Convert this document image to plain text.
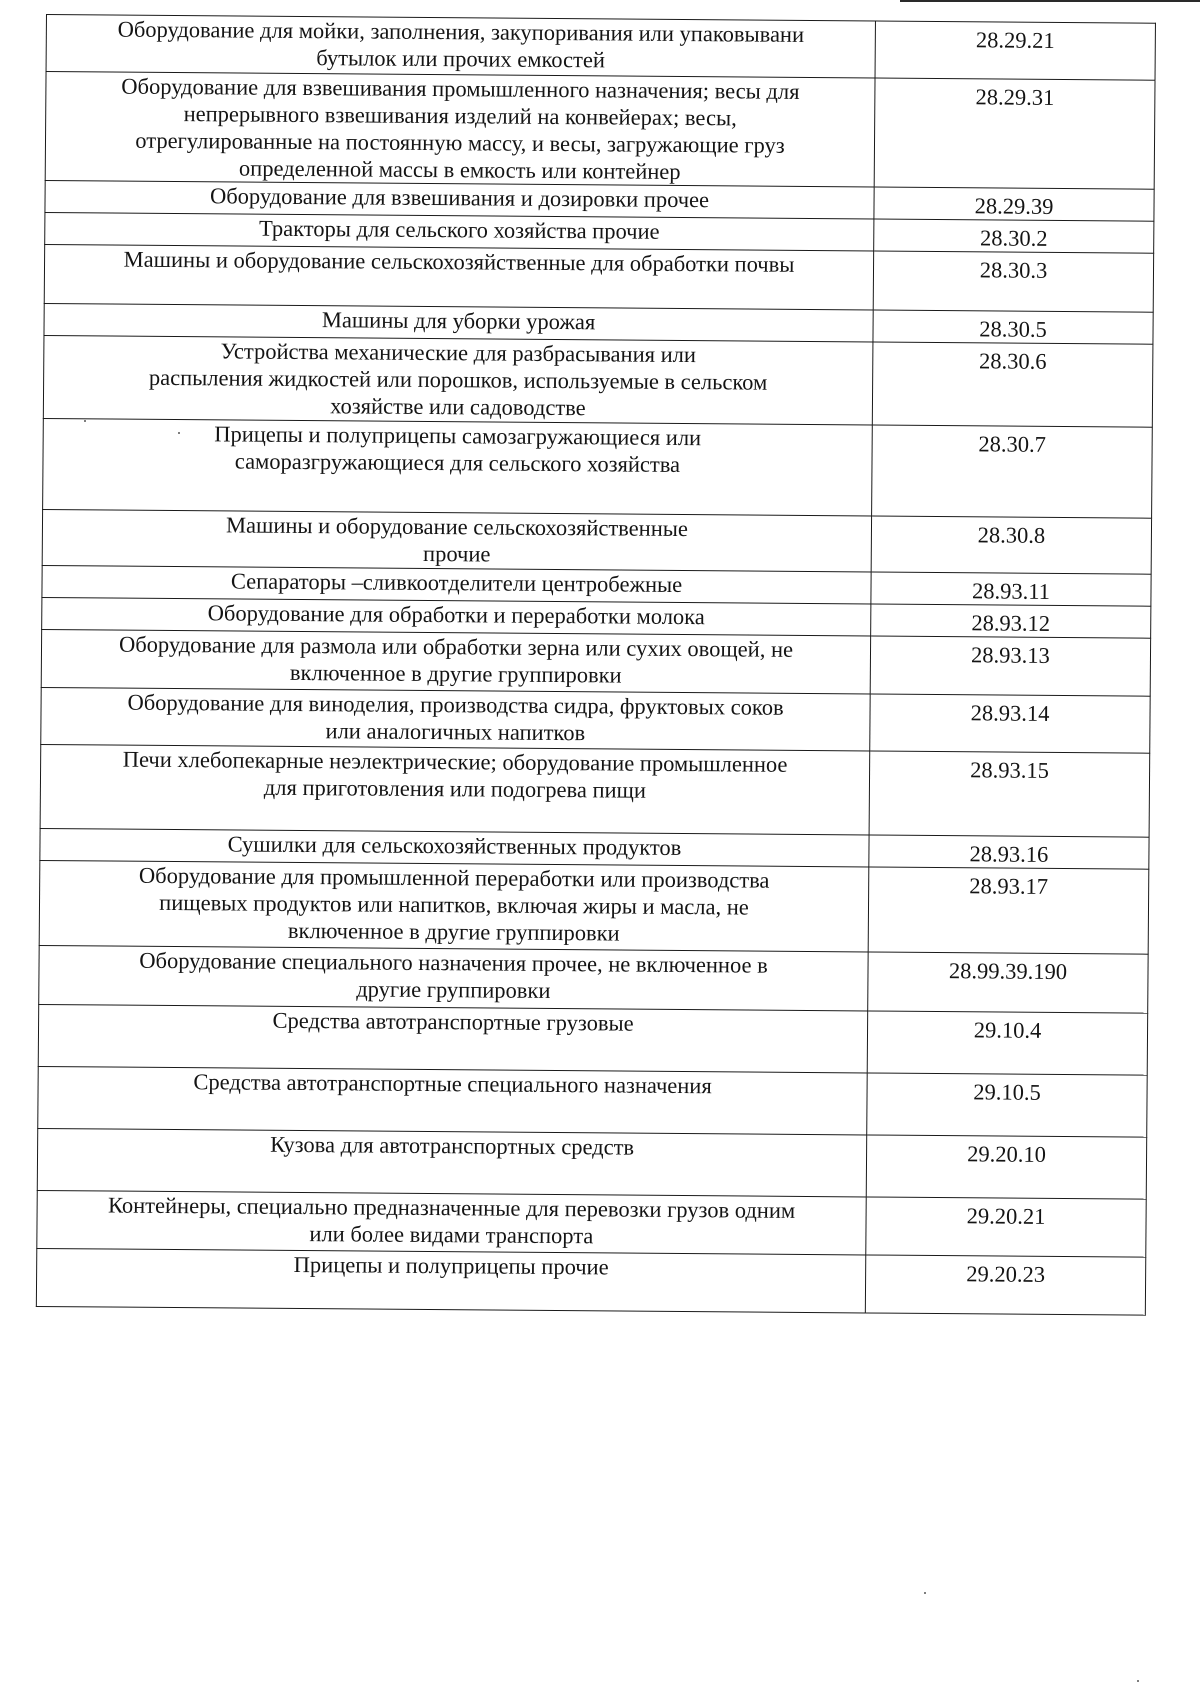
Оборудование для мойки, заполнения, закупоривания или упаковывани
бутылок или прочих емкостей	28.29.21
Оборудование для взвешивания промышленного назначения; весы для
непрерывного взвешивания изделий на конвейерах; весы,
отрегулированные на постоянную массу, и весы, загружающие груз
определенной массы в емкость или контейнер	28.29.31
Оборудование для взвешивания и дозировки прочее	28.29.39
Тракторы для сельского хозяйства прочие	28.30.2
Машины и оборудование сельскохозяйственные для обработки почвы	28.30.3
Машины для уборки урожая	28.30.5
Устройства механические для разбрасывания или
распыления жидкостей или порошков, используемые в сельском
хозяйстве или садоводстве	28.30.6
Прицепы и полуприцепы самозагружающиеся или
саморазгружающиеся для сельского хозяйства	28.30.7
Машины и оборудование сельскохозяйственные
прочие	28.30.8
Сепараторы –сливкоотделители центробежные	28.93.11
Оборудование для обработки и переработки молока	28.93.12
Оборудование для размола или обработки зерна или сухих овощей, не
включенное в другие группировки	28.93.13
Оборудование для виноделия, производства сидра, фруктовых соков
или аналогичных напитков	28.93.14
Печи хлебопекарные неэлектрические; оборудование промышленное
для приготовления или подогрева пищи	28.93.15
Сушилки для сельскохозяйственных продуктов	28.93.16
Оборудование для промышленной переработки или производства
пищевых продуктов или напитков, включая жиры и масла, не
включенное в другие группировки	28.93.17
Оборудование специального назначения прочее, не включенное в
другие группировки	28.99.39.190
Средства автотранспортные грузовые	29.10.4
Средства автотранспортные специального назначения	29.10.5
Кузова для автотранспортных средств	29.20.10
Контейнеры, специально предназначенные для перевозки грузов одним
или более видами транспорта	29.20.21
Прицепы и полуприцепы прочие	29.20.23
